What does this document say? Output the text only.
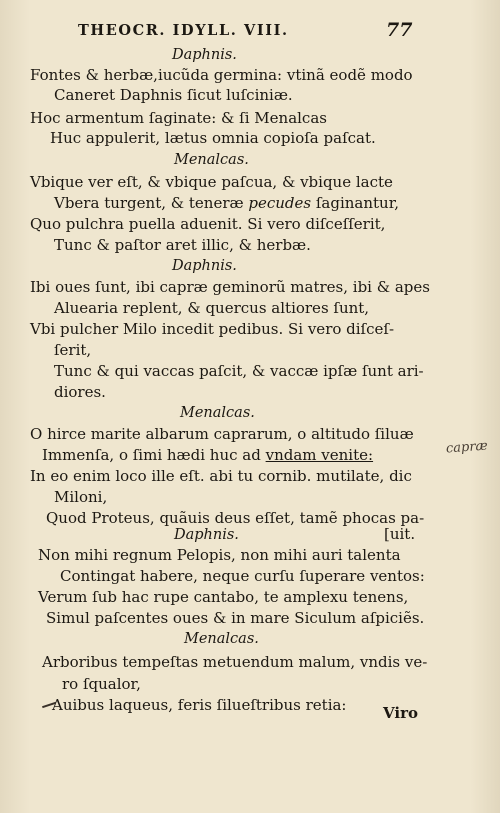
THEOCR. IDYLL. VIII.	77
Daphnis.
Fontes & herbæ,iucũda germina: vtinã eodẽ modo
Caneret Daphnis ſicut luſciniæ.
Hoc armentum ſaginate: & ſi Menalcas
Huc appulerit, lætus omnia copioſa paſcat.
Menalcas.
Vbique ver eſt, & vbique paſcua, & vbique lacte
Vbera turgent, & teneræ pecudes ſaginantur,
Quo pulchra puella aduenit. Si vero diſceſſerit,
Tunc & paſtor aret illic, & herbæ.
Daphnis.
Ibi oues ſunt, ibi capræ geminorũ matres, ibi & apes
Aluearia replent, & quercus altiores ſunt,
Vbi pulcher Milo incedit pedibus. Si vero diſceſ-
ſerit,
Tunc & qui vaccas paſcit, & vaccæ ipſæ ſunt ari-
diores.
Menalcas.
O hirce marite albarum caprarum, o altitudo ſiluæ
Immenſa, o ſimi hædi huc ad vndam venite:
In eo enim loco ille eſt. abi tu cornib. mutilate, dic
Miloni,
Quod Proteus, quãuis deus eſſet, tamẽ phocas pa-
Daphnis.	[uit.
Non mihi regnum Pelopis, non mihi auri talenta
Contingat habere, neque curſu ſuperare ventos:
Verum ſub hac rupe cantabo, te amplexu tenens,
Simul paſcentes oues & in mare Siculum aſpiciẽs.
Menalcas.
Arboribus tempeſtas metuendum malum, vndis ve-
ro ſqualor,
Auibus laqueus, feris ſilueſtribus retia: Viro
capræ
